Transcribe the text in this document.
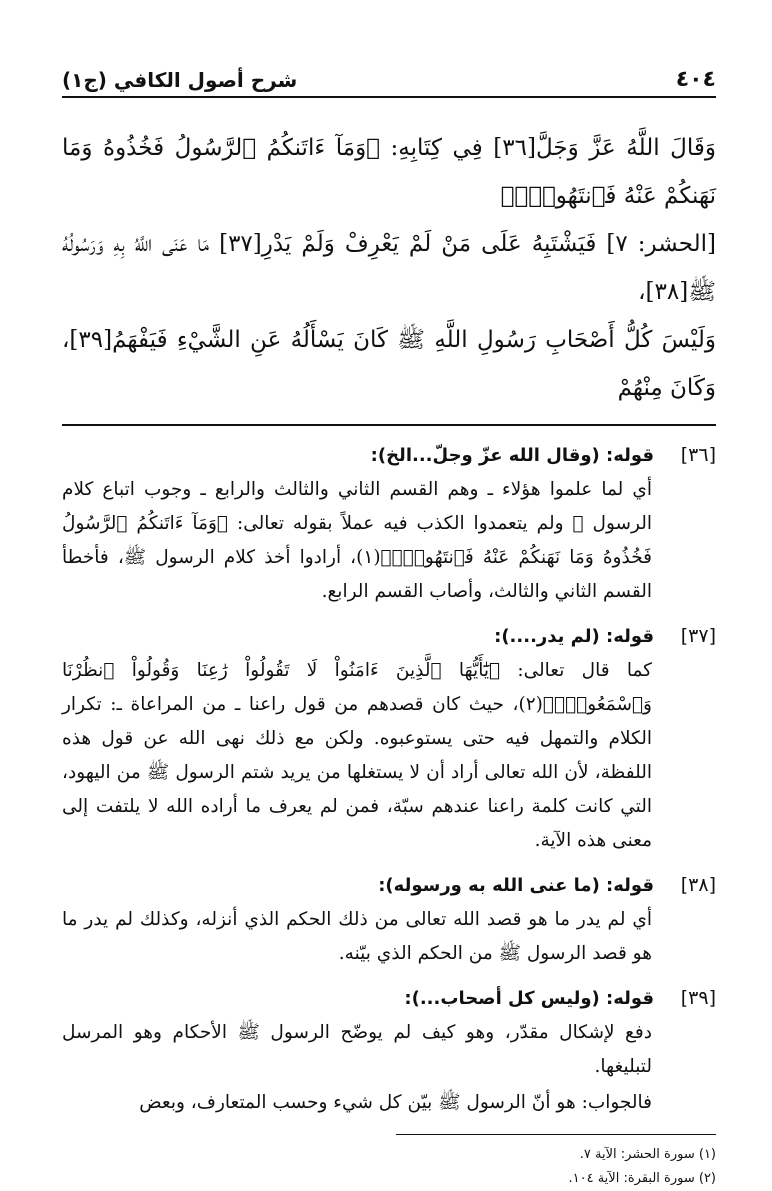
٤٠٤
شرح أصول الكافي (ج١)

وَقَالَ اللَّهُ عَزَّ وَجَلَّ[٣٦] فِي كِتَابِهِ: ﴿وَمَآ ءَاتَنكُمُ ٱلرَّسُولُ فَخُذُوهُ وَمَا نَهَنكُمْ عَنْهُ فَٱنتَهُواْۚ﴾

[الحشر: ٧] فَيَشْتَبِهُ عَلَى مَنْ لَمْ يَعْرِفْ وَلَمْ يَدْرِ[٣٧] مَا عَنَى اللَّهُ بِهِ وَرَسُولُهُ ﷺ[٣٨]،

وَلَيْسَ كُلُّ أَصْحَابِ رَسُولِ اللَّهِ ﷺ كَانَ يَسْأَلُهُ عَنِ الشَّيْءِ فَيَفْهَمُ[٣٩]، وَكَانَ مِنْهُمْ

[٣٦]
قوله: (وقال الله عزّ وجلّ...الخ):

أي لما علموا هؤلاء ـ وهم القسم الثاني والثالث والرابع ـ وجوب اتباع كلام الرسول ﷺ ولم يتعمدوا الكذب فيه عملاً بقوله تعالى: ﴿وَمَآ ءَاتَنكُمُ ٱلرَّسُولُ فَخُذُوهُ وَمَا نَهَنكُمْ عَنْهُ فَٱنتَهُواْۚ﴾(١)، أرادوا أخذ كلام الرسول ﷺ، فأخطأ القسم الثاني والثالث، وأصاب القسم الرابع.

[٣٧]
قوله: (لم يدر....):

كما قال تعالى: ﴿يَٰٓأَيُّهَا ٱلَّذِينَ ءَامَنُواْ لَا تَقُولُواْ رَٰعِنَا وَقُولُواْ ٱنظُرْنَا وَٱسْمَعُواْۗ﴾(٢)، حيث كان قصدهم من قول راعنا ـ من المراعاة ـ: تكرار الكلام والتمهل فيه حتى يستوعبوه. ولكن مع ذلك نهى الله عن قول هذه اللفظة، لأن الله تعالى أراد أن لا يستغلها من يريد شتم الرسول ﷺ من اليهود، التي كانت كلمة راعنا عندهم سبّة، فمن لم يعرف ما أراده الله لا يلتفت إلى معنى هذه الآية.

[٣٨]
قوله: (ما عنى الله به ورسوله):

أي لم يدر ما هو قصد الله تعالى من ذلك الحكم الذي أنزله، وكذلك لم يدر ما هو قصد الرسول ﷺ من الحكم الذي بيّنه.

[٣٩]
قوله: (وليس كل أصحاب...):

دفع لإشكال مقدّر، وهو كيف لم يوضّح الرسول ﷺ الأحكام وهو المرسل لتبليغها.

فالجواب: هو أنّ الرسول ﷺ بيّن كل شيء وحسب المتعارف، وبعض

(١) سورة الحشر: الآية ٧.
(٢) سورة البقرة: الآية ١٠٤.
